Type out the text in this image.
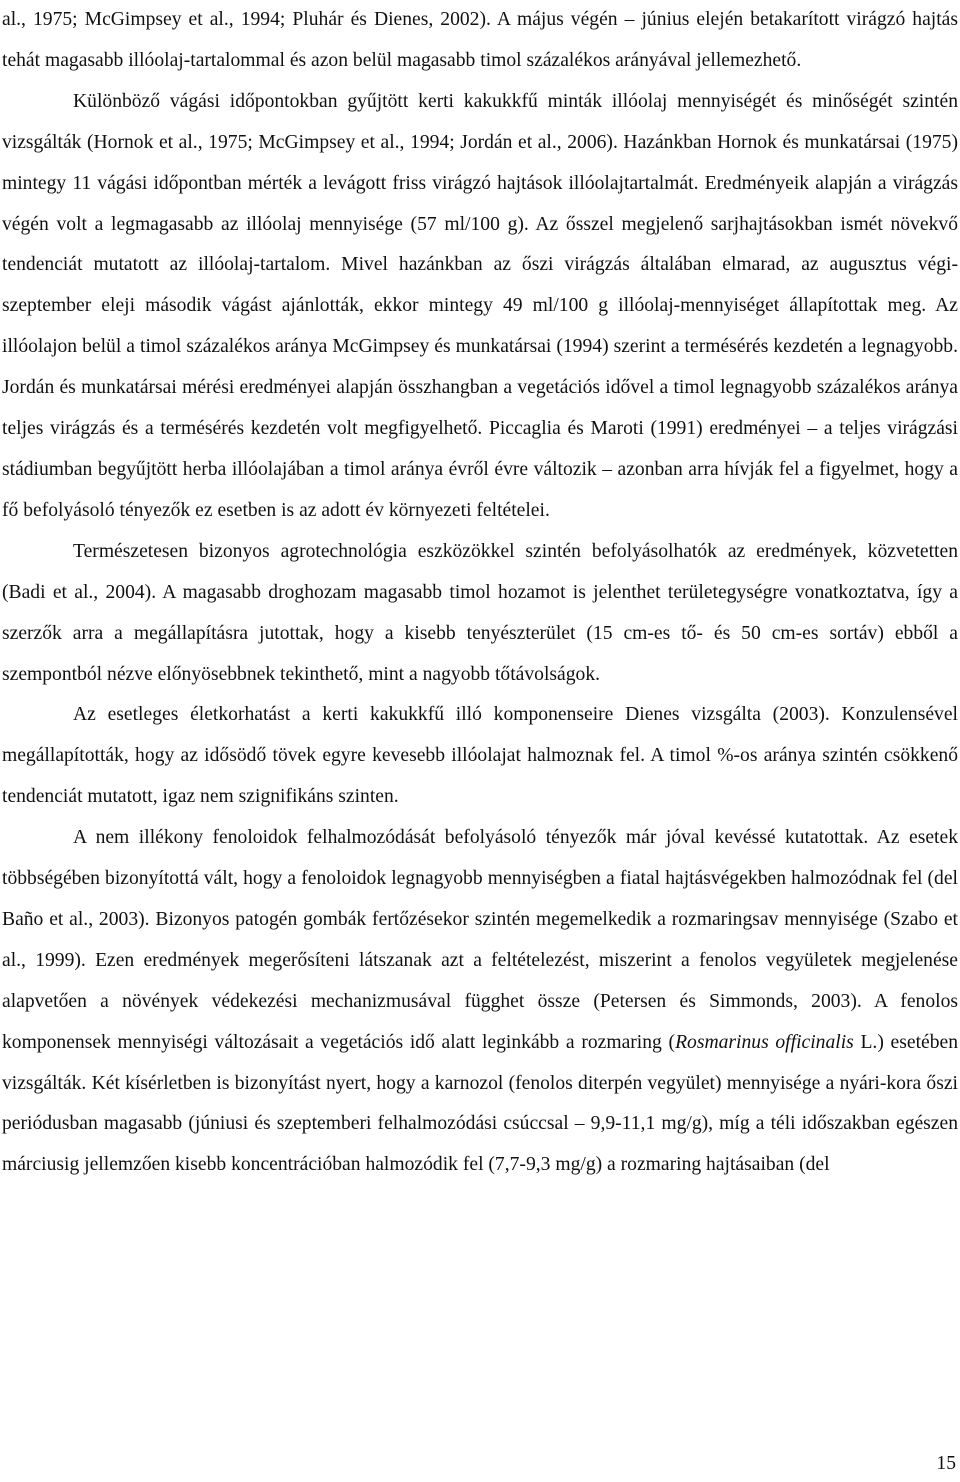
al., 1975; McGimpsey et al., 1994; Pluhár és Dienes, 2002). A május végén – június elején betakarított virágzó hajtás tehát magasabb illóolaj-tartalommal és azon belül magasabb timol százalékos arányával jellemezhető.

Különböző vágási időpontokban gyűjtött kerti kakukkfű minták illóolaj mennyiségét és minőségét szintén vizsgálták (Hornok et al., 1975; McGimpsey et al., 1994; Jordán et al., 2006). Hazánkban Hornok és munkatársai (1975) mintegy 11 vágási időpontban mérték a levágott friss virágzó hajtások illóolajtartalmát. Eredményeik alapján a virágzás végén volt a legmagasabb az illóolaj mennyisége (57 ml/100 g). Az ősszel megjelenő sarjhajtásokban ismét növekvő tendenciát mutatott az illóolaj-tartalom. Mivel hazánkban az őszi virágzás általában elmarad, az augusztus végi-szeptember eleji második vágást ajánlották, ekkor mintegy 49 ml/100 g illóolaj-mennyiséget állapítottak meg. Az illóolajon belül a timol százalékos aránya McGimpsey és munkatársai (1994) szerint a termésérés kezdetén a legnagyobb. Jordán és munkatársai mérési eredményei alapján összhangban a vegetációs idővel a timol legnagyobb százalékos aránya teljes virágzás és a termésérés kezdetén volt megfigyelhető. Piccaglia és Maroti (1991) eredményei – a teljes virágzási stádiumban begyűjtött herba illóolajában a timol aránya évről évre változik – azonban arra hívják fel a figyelmet, hogy a fő befolyásoló tényezők ez esetben is az adott év környezeti feltételei.

Természetesen bizonyos agrotechnológia eszközökkel szintén befolyásolhatók az eredmények, közvetetten (Badi et al., 2004). A magasabb droghozam magasabb timol hozamot is jelenthet területegységre vonatkoztatva, így a szerzők arra a megállapításra jutottak, hogy a kisebb tenyészterület (15 cm-es tő- és 50 cm-es sortáv) ebből a szempontból nézve előnyösebbnek tekinthető, mint a nagyobb tőtávolságok.

Az esetleges életkorhatást a kerti kakukkfű illó komponenseire Dienes vizsgálta (2003). Konzulensével megállapították, hogy az idősödő tövek egyre kevesebb illóolajat halmoznak fel. A timol %-os aránya szintén csökkenő tendenciát mutatott, igaz nem szignifikáns szinten.

A nem illékony fenoloidok felhalmozódását befolyásoló tényezők már jóval kevéssé kutatottak. Az esetek többségében bizonyítottá vált, hogy a fenoloidok legnagyobb mennyiségben a fiatal hajtásvégekben halmozódnak fel (del Baño et al., 2003). Bizonyos patogén gombák fertőzésekor szintén megemelkedik a rozmaringsav mennyisége (Szabo et al., 1999). Ezen eredmények megerősíteni látszanak azt a feltételezést, miszerint a fenolos vegyületek megjelenése alapvetően a növények védekezési mechanizmusával függhet össze (Petersen és Simmonds, 2003). A fenolos komponensek mennyiségi változásait a vegetációs idő alatt leginkább a rozmaring (Rosmarinus officinalis L.) esetében vizsgálták. Két kísérletben is bizonyítást nyert, hogy a karnozol (fenolos diterpén vegyület) mennyisége a nyári-kora őszi periódusban magasabb (júniusi és szeptemberi felhalmozódási csúccsal – 9,9-11,1 mg/g), míg a téli időszakban egészen márciusig jellemzően kisebb koncentrációban halmozódik fel (7,7-9,3 mg/g) a rozmaring hajtásaiban (del

15
